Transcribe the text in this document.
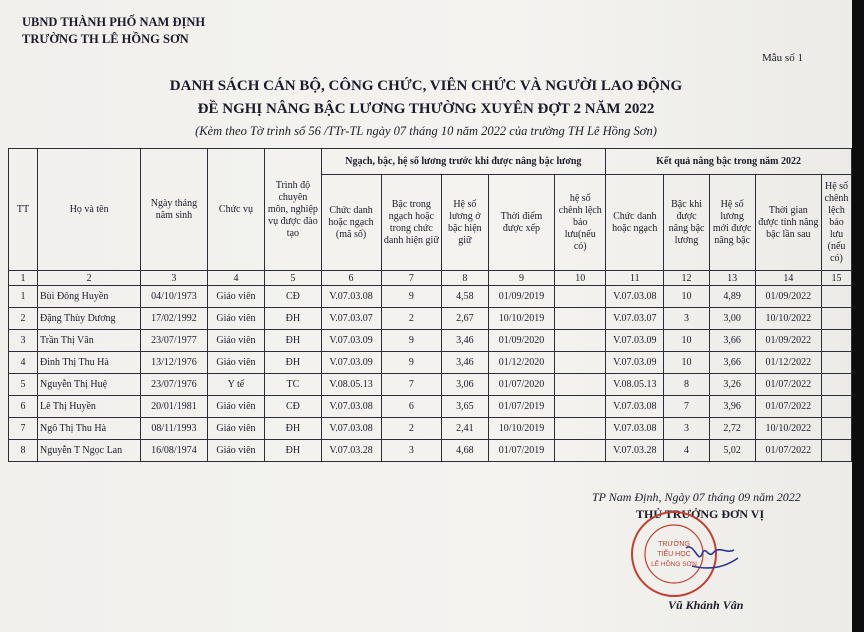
UBND THÀNH PHỐ NAM ĐỊNH
TRƯỜNG TH LÊ HỒNG SƠN
Mẫu số 1
DANH SÁCH CÁN BỘ, CÔNG CHỨC, VIÊN CHỨC VÀ NGƯỜI LAO ĐỘNG
ĐỀ NGHỊ NÂNG BẬC LƯƠNG THƯỜNG XUYÊN ĐỢT 2 NĂM 2022
(Kèm theo Tờ trình số 56 /TTr-TL ngày 07 tháng 10 năm 2022 của trường TH Lê Hồng Sơn)
TT	Họ và tên	Ngày tháng năm sinh	Chức vụ	Trình độ chuyên môn, nghiệp vụ được đào tạo	Ngạch, bậc, hệ số lương trước khi được nâng bậc lương					Kết quả nâng bậc trong năm 2022				
					Chức danh hoặc ngạch (mã số)	Bậc trong ngạch hoặc trong chức danh hiện giữ	Hệ số lương ở bậc hiện giữ	Thời điểm được xếp	hệ số chênh lệch bảo lưu(nếu có)	Chức danh hoặc ngạch	Bậc khi được nâng bậc lương	Hệ số lương mới được nâng bậc	Thời gian được tính nâng bậc lần sau	Hệ số chênh lệch bảo lưu (nếu có)
1	2	3	4	5	6	7	8	9	10	11	12	13	14	15
1	Bùi Đông Huyền	04/10/1973	Giáo viên	CĐ	V.07.03.08	9	4,58	01/09/2019		V.07.03.08	10	4,89	01/09/2022	
2	Đặng Thùy Dương	17/02/1992	Giáo viên	ĐH	V.07.03.07	2	2,67	10/10/2019		V.07.03.07	3	3,00	10/10/2022	
3	Trần Thị Vân	23/07/1977	Giáo viên	ĐH	V.07.03.09	9	3,46	01/09/2020		V.07.03.09	10	3,66	01/09/2022	
4	Đinh Thị Thu Hà	13/12/1976	Giáo viên	ĐH	V.07.03.09	9	3,46	01/12/2020		V.07.03.09	10	3,66	01/12/2022	
5	Nguyễn Thị Huệ	23/07/1976	Y tế	TC	V.08.05.13	7	3,06	01/07/2020		V.08.05.13	8	3,26	01/07/2022	
6	Lê Thị Huyền	20/01/1981	Giáo viên	CĐ	V.07.03.08	6	3,65	01/07/2019		V.07.03.08	7	3,96	01/07/2022	
7	Ngô Thị Thu Hà	08/11/1993	Giáo viên	ĐH	V.07.03.08	2	2,41	10/10/2019		V.07.03.08	3	2,72	10/10/2022	
8	Nguyễn T Ngọc Lan	16/08/1974	Giáo viên	ĐH	V.07.03.28	3	4,68	01/07/2019		V.07.03.28	4	5,02	01/07/2022	
TP Nam Định, Ngày 07 tháng 09 năm 2022
THỦ TRƯỞNG ĐƠN VỊ
TRƯỜNG
TIỂU HỌC
LÊ HỒNG SƠN
Vũ Khánh Vân
